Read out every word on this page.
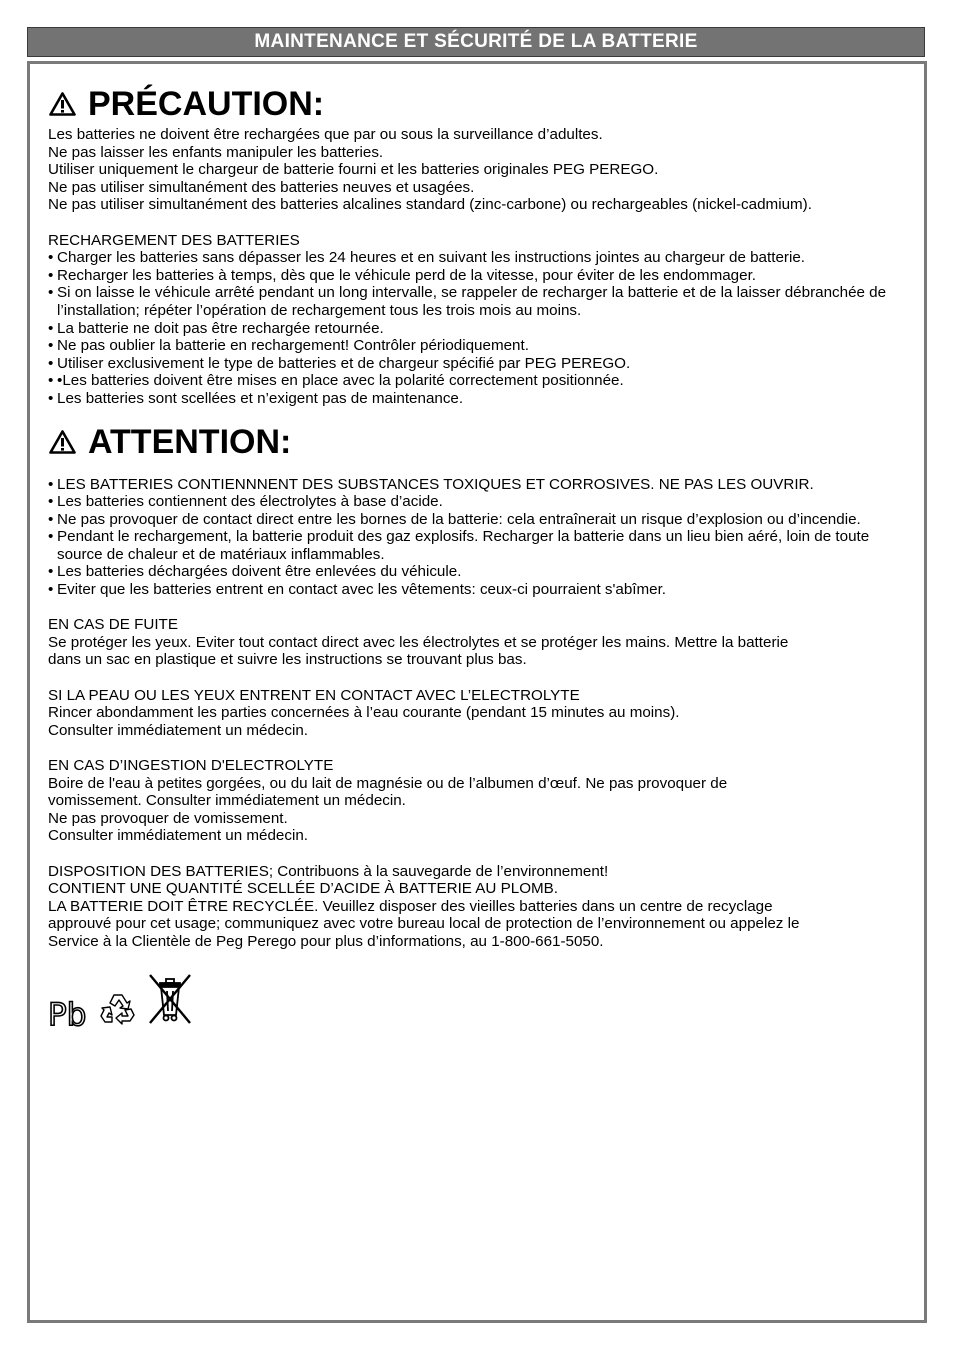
MAINTENANCE ET SÉCURITÉ DE LA BATTERIE
PRÉCAUTION:

Les batteries ne doivent être rechargées que par ou sous la surveillance d’adultes.

Ne pas laisser les enfants manipuler les batteries.

Utiliser uniquement le chargeur de batterie fourni et les batteries originales PEG PEREGO.

Ne pas utiliser simultanément des batteries neuves et usagées.

Ne pas utiliser simultanément des batteries alcalines standard (zinc-carbone) ou rechargeables (nickel-cadmium).

RECHARGEMENT DES BATTERIES

• Charger les batteries sans dépasser les 24 heures et en suivant les instructions jointes au chargeur de batterie.
• Recharger les batteries à temps, dès que le véhicule perd de la vitesse, pour éviter de les endommager.
• Si on laisse le véhicule arrêté pendant un long intervalle, se rappeler de recharger la batterie et de la laisser débranchée de l’installation; répéter l’opération de rechargement tous les trois mois au moins.
• La batterie ne doit pas être rechargée retournée.
• Ne pas oublier la batterie en rechargement! Contrôler périodiquement.
• Utiliser exclusivement le type de batteries et de chargeur spécifié par PEG PEREGO.
• •Les batteries doivent être mises en place avec la polarité correctement positionnée.
• Les batteries sont scellées et n’exigent pas de maintenance.
ATTENTION:
• LES BATTERIES CONTIENNNENT DES SUBSTANCES TOXIQUES ET CORROSIVES. NE PAS LES OUVRIR.
• Les batteries contiennent des électrolytes à base d’acide.
• Ne pas provoquer de contact direct entre les bornes de la batterie: cela entraînerait un risque d’explosion ou d’incendie.
• Pendant le rechargement, la batterie produit des gaz explosifs. Recharger la batterie dans un lieu bien aéré, loin de toute source de chaleur et de matériaux inflammables.
• Les batteries déchargées doivent être enlevées du véhicule.
• Eviter que les batteries entrent en contact avec les vêtements: ceux-ci pourraient s'abîmer.

EN CAS DE FUITE

Se protéger les yeux. Eviter tout contact direct avec les électrolytes et se protéger les mains. Mettre la batterie

dans un sac en plastique et suivre les instructions se trouvant plus bas.

SI LA PEAU OU LES YEUX ENTRENT EN CONTACT AVEC L’ELECTROLYTE

Rincer abondamment les parties concernées à l’eau courante (pendant 15 minutes au moins).

Consulter immédiatement un médecin.

EN CAS D’INGESTION D'ELECTROLYTE

Boire de l'eau à petites gorgées, ou du lait de magnésie ou de l’albumen d’œuf. Ne pas provoquer de

vomissement. Consulter immédiatement un médecin.

Ne pas provoquer de vomissement.

Consulter immédiatement un médecin.

DISPOSITION DES BATTERIES; Contribuons à la sauvegarde de l’environnement!

CONTIENT UNE QUANTITÉ SCELLÉE D’ACIDE À BATTERIE AU PLOMB.

LA BATTERIE DOIT ÊTRE RECYCLÉE. Veuillez disposer des vieilles batteries dans un centre de recyclage

approuvé pour cet usage; communiquez avec votre bureau local de protection de l’environnement ou appelez le

Service à la Clientèle de Peg Perego pour plus d’informations, au 1-800-661-5050.

Pb
